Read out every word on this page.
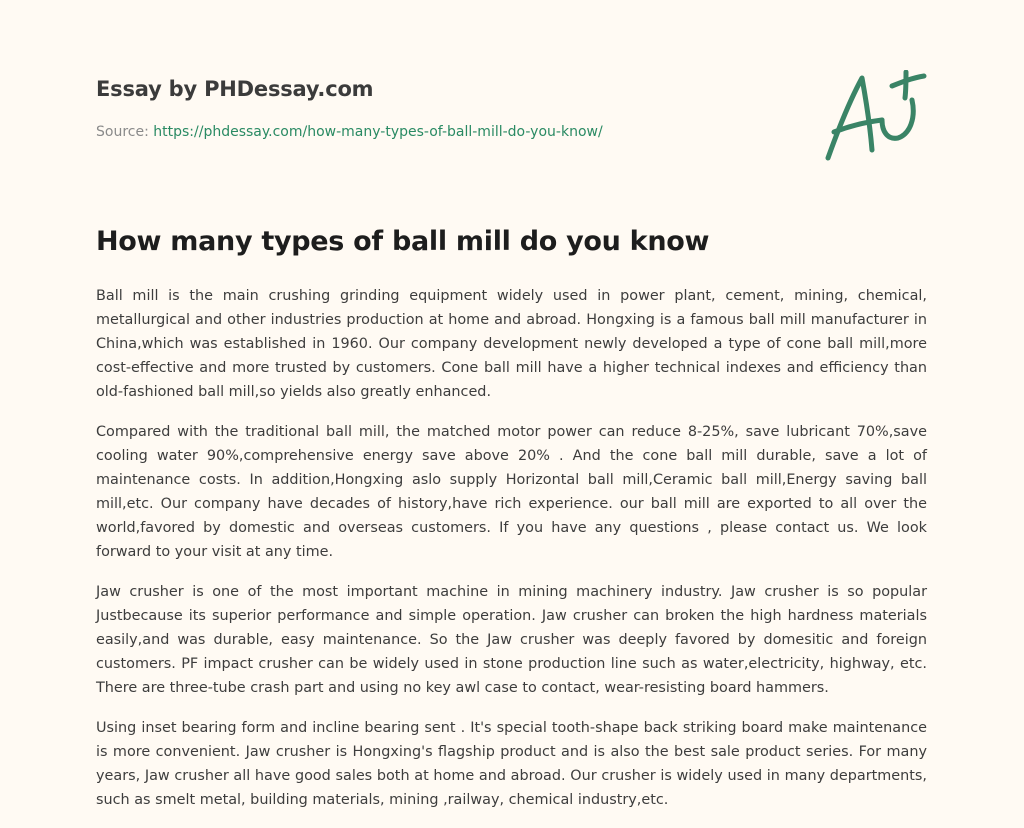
Essay by PHDessay.com

Source: https://phdessay.com/how-many-types-of-ball-mill-do-you-know/

How many types of ball mill do you know

Ball mill is the main crushing grinding equipment widely used in power plant, cement, mining, chemical, metallurgical and other industries production at home and abroad. Hongxing is a famous ball mill manufacturer in China,which was established in 1960. Our company development newly developed a type of cone ball mill,more cost-effective and more trusted by customers. Cone ball mill have a higher technical indexes and efficiency than old-fashioned ball mill,so yields also greatly enhanced.

Compared with the traditional ball mill, the matched motor power can reduce 8-25%, save lubricant 70%,save cooling water 90%,comprehensive energy save above 20% . And the cone ball mill durable, save a lot of maintenance costs. In addition,Hongxing aslo supply Horizontal ball mill,Ceramic ball mill,Energy saving ball mill,etc. Our company have decades of history,have rich experience. our ball mill are exported to all over the world,favored by domestic and overseas customers. If you have any questions , please contact us. We look forward to your visit at any time.

Jaw crusher is one of the most important machine in mining machinery industry. Jaw crusher is so popular Justbecause its superior performance and simple operation. Jaw crusher can broken the high hardness materials easily,and was durable, easy maintenance. So the Jaw crusher was deeply favored by domesitic and foreign customers. PF impact crusher can be widely used in stone production line such as water,electricity, highway, etc. There are three-tube crash part and using no key awl case to contact, wear-resisting board hammers.

Using inset bearing form and incline bearing sent . It's special tooth-shape back striking board make maintenance is more convenient. Jaw crusher is Hongxing's flagship product and is also the best sale product series. For many years, Jaw crusher all have good sales both at home and abroad. Our crusher is widely used in many departments, such as smelt metal, building materials, mining ,railway, chemical industry,etc.
